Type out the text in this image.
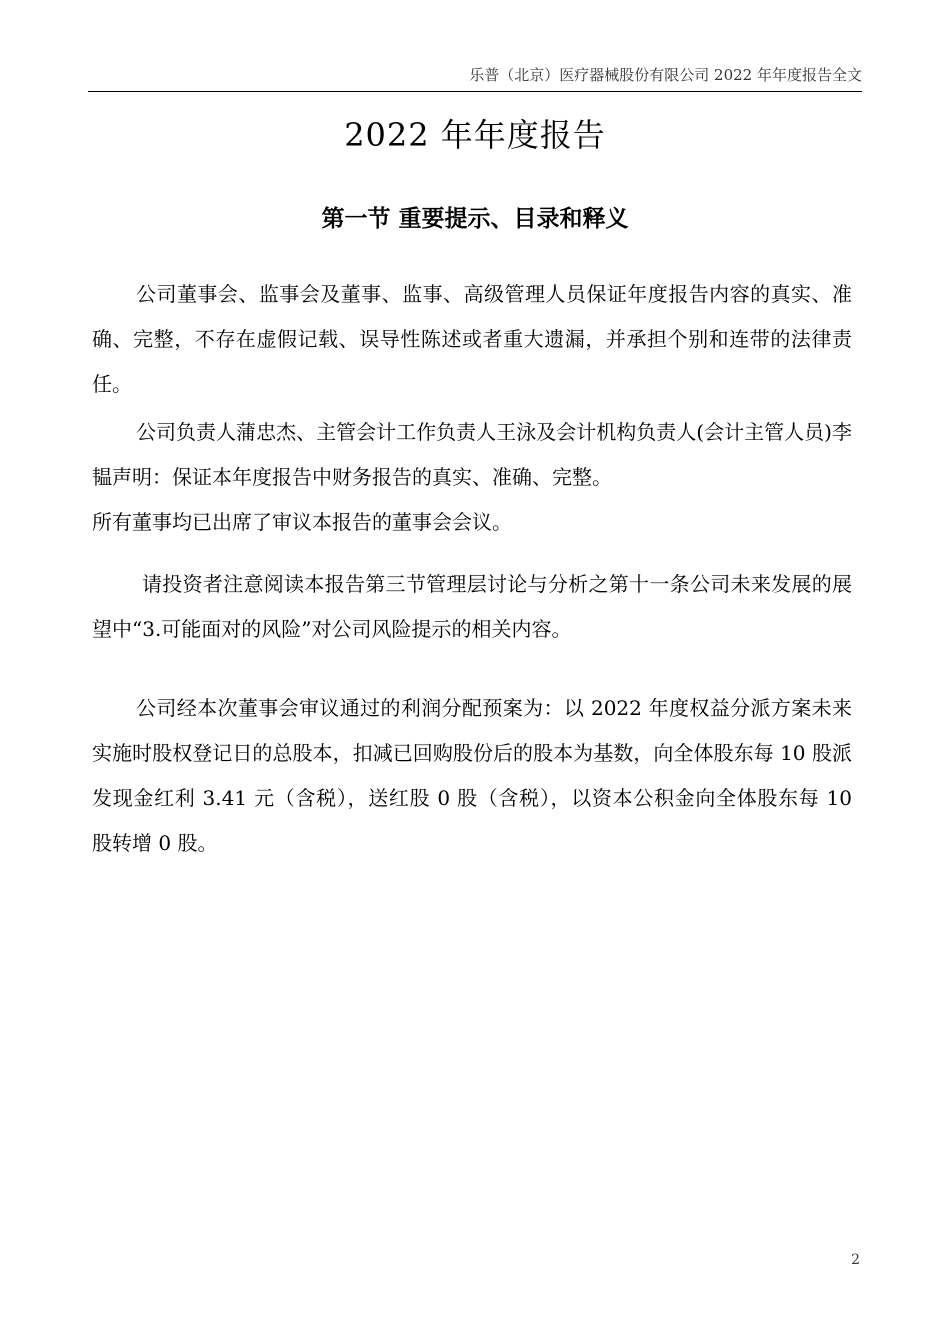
乐普（北京）医疗器械股份有限公司 2022 年年度报告全文
2022 年年度报告
第一节 重要提示、目录和释义
公司董事会、监事会及董事、监事、高级管理人员保证年度报告内容的真实、准确、完整，不存在虚假记载、误导性陈述或者重大遗漏，并承担个别和连带的法律责任。
公司负责人蒲忠杰、主管会计工作负责人王泳及会计机构负责人(会计主管人员)李韫声明：保证本年度报告中财务报告的真实、准确、完整。
所有董事均已出席了审议本报告的董事会会议。
请投资者注意阅读本报告第三节管理层讨论与分析之第十一条公司未来发展的展望中“3.可能面对的风险”对公司风险提示的相关内容。
公司经本次董事会审议通过的利润分配预案为：以 2022 年度权益分派方案未来实施时股权登记日的总股本，扣减已回购股份后的股本为基数，向全体股东每 10 股派发现金红利 3.41 元（含税），送红股 0 股（含税），以资本公积金向全体股东每 10 股转增 0 股。
2
